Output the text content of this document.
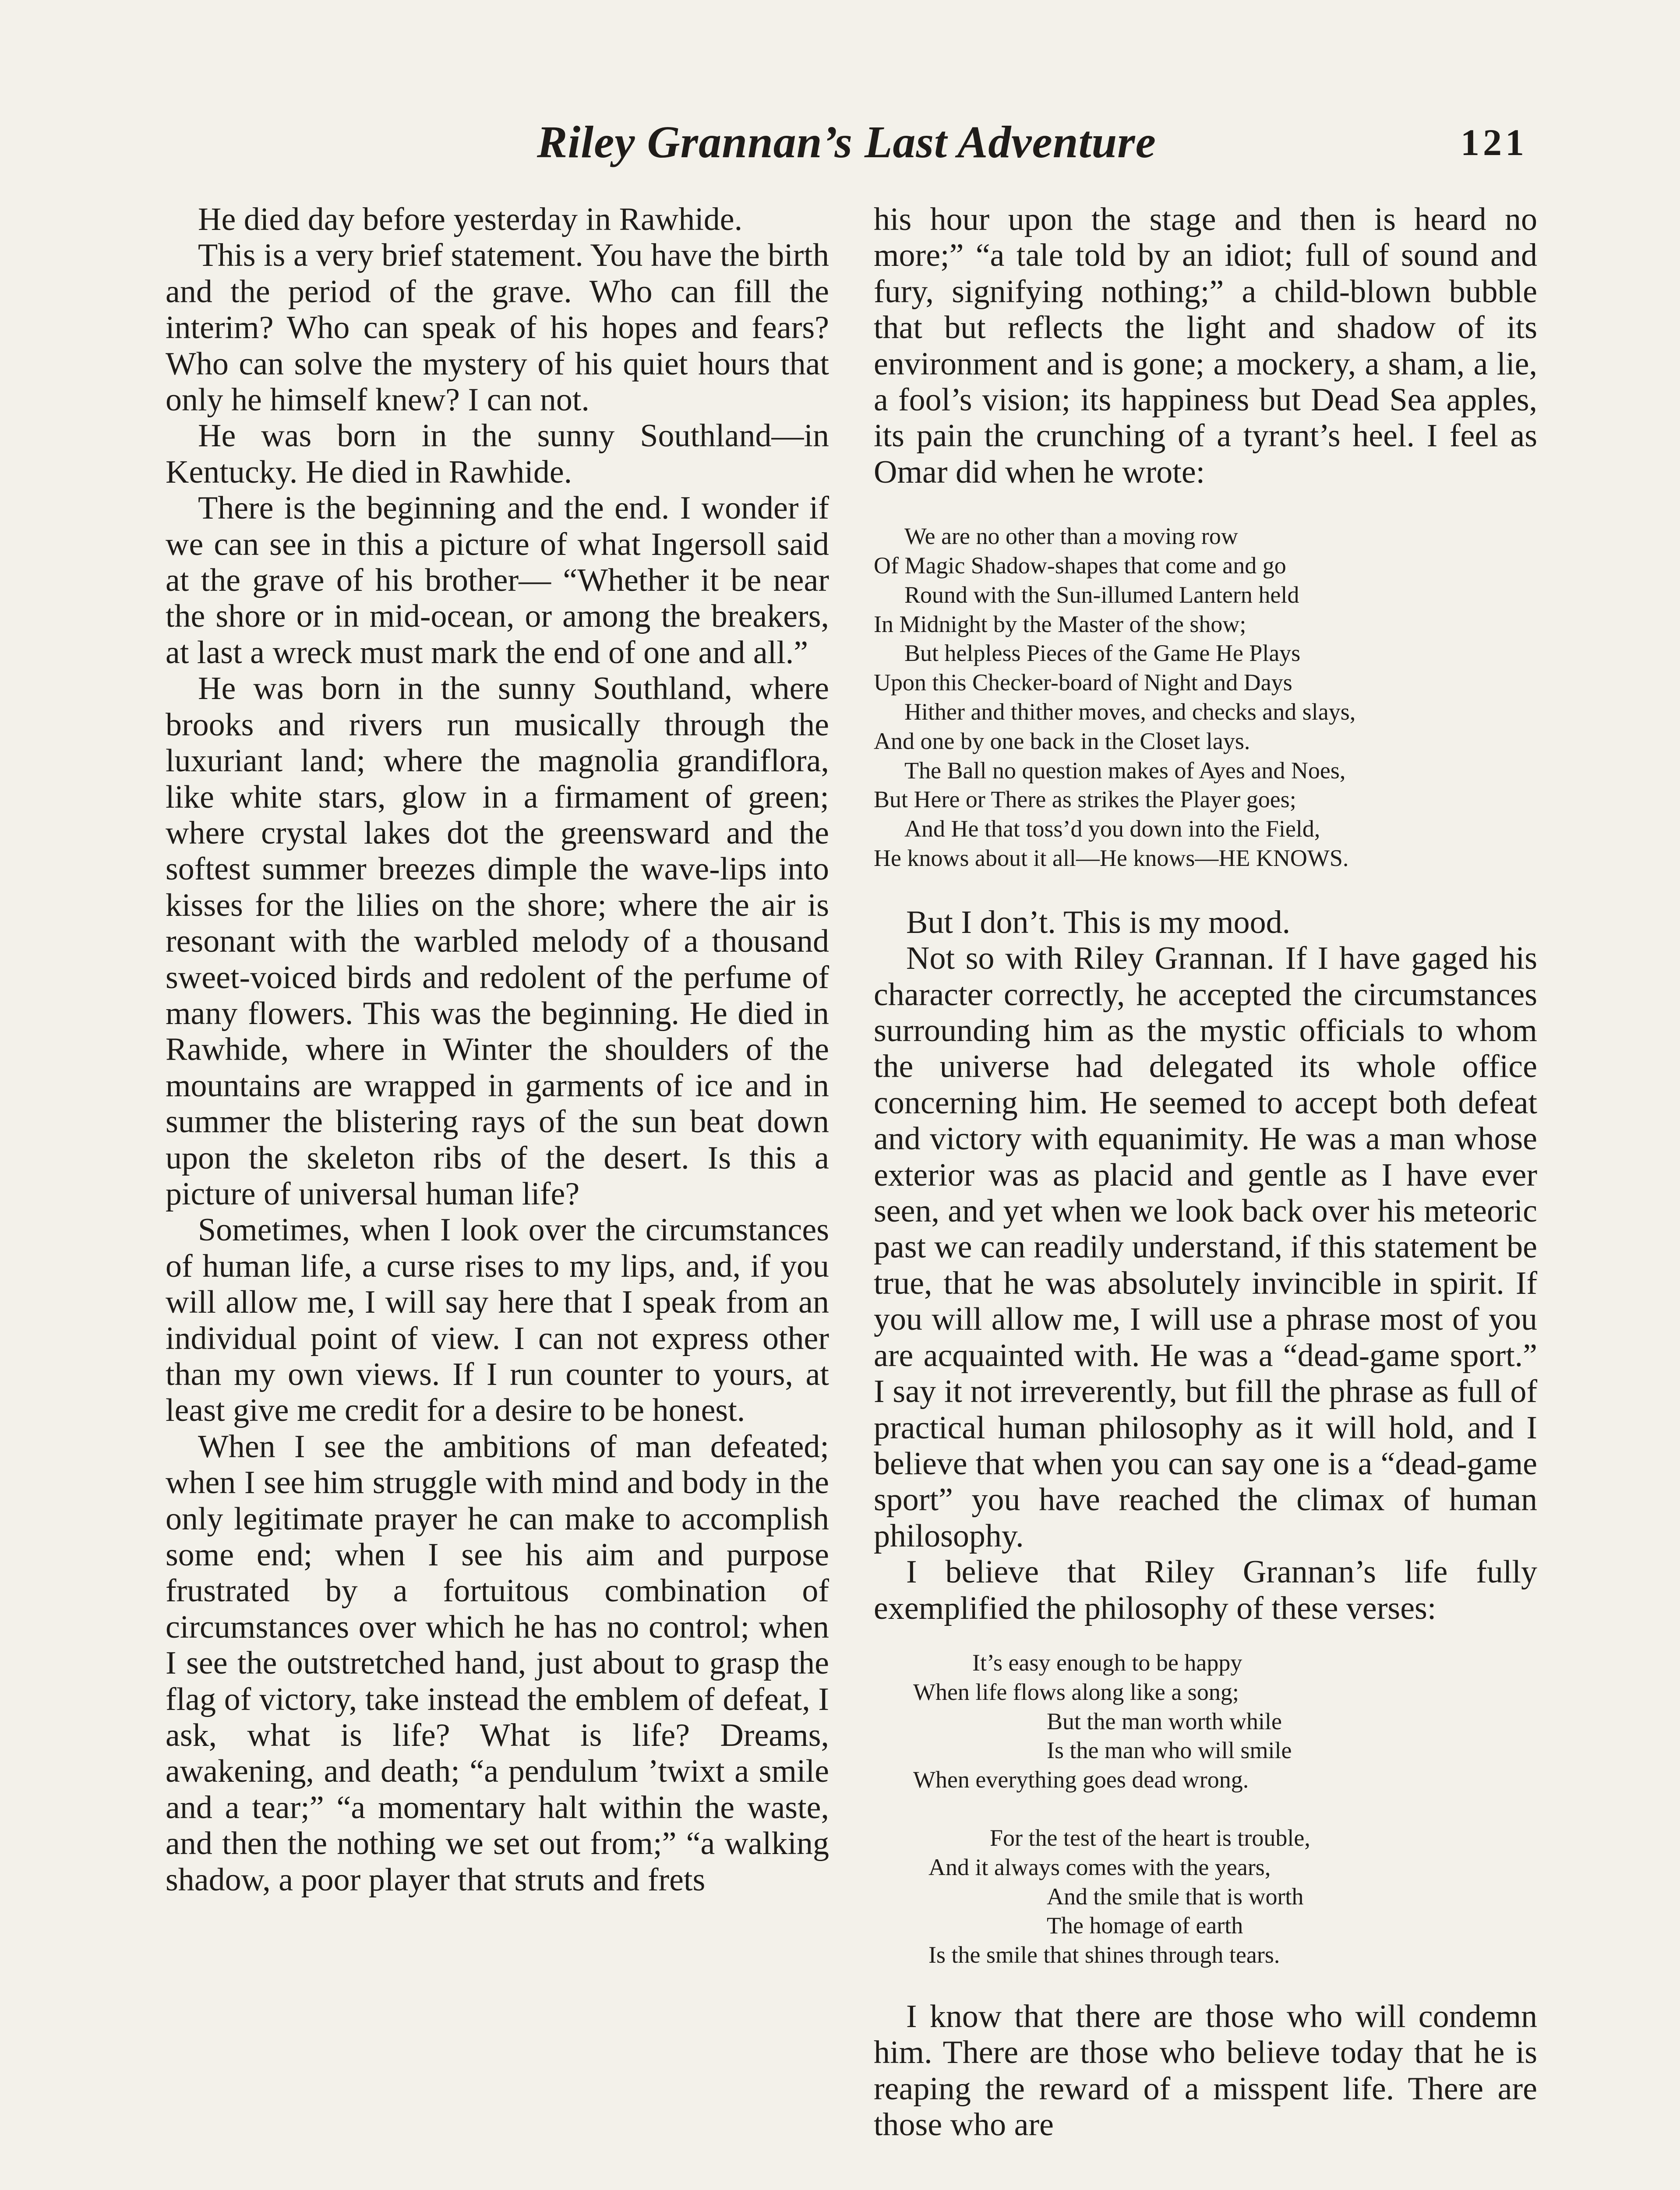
Riley Grannan’s Last Adventure	121

He died day before yesterday in Rawhide.

This is a very brief statement. You have the birth and the period of the grave. Who can fill the interim? Who can speak of his hopes and fears? Who can solve the mystery of his quiet hours that only he himself knew? I can not.

He was born in the sunny Southland—in Kentucky. He died in Rawhide.

There is the beginning and the end. I wonder if we can see in this a picture of what Ingersoll said at the grave of his brother— “Whether it be near the shore or in mid-ocean, or among the breakers, at last a wreck must mark the end of one and all.”

He was born in the sunny Southland, where brooks and rivers run musically through the luxuriant land; where the magnolia grandiflora, like white stars, glow in a firmament of green; where crystal lakes dot the greensward and the softest summer breezes dimple the wave-lips into kisses for the lilies on the shore; where the air is resonant with the warbled melody of a thousand sweet-voiced birds and redolent of the perfume of many flowers. This was the beginning. He died in Rawhide, where in Winter the shoulders of the mountains are wrapped in garments of ice and in summer the blistering rays of the sun beat down upon the skeleton ribs of the desert. Is this a picture of universal human life?

Sometimes, when I look over the circumstances of human life, a curse rises to my lips, and, if you will allow me, I will say here that I speak from an individual point of view. I can not express other than my own views. If I run counter to yours, at least give me credit for a desire to be honest.

When I see the ambitions of man defeated; when I see him struggle with mind and body in the only legitimate prayer he can make to accomplish some end; when I see his aim and purpose frustrated by a fortuitous combination of circumstances over which he has no control; when I see the outstretched hand, just about to grasp the flag of victory, take instead the emblem of defeat, I ask, what is life? What is life? Dreams, awakening, and death; “a pendulum ’twixt a smile and a tear;” “a momentary halt within the waste, and then the nothing we set out from;” “a walking shadow, a poor player that struts and frets

his hour upon the stage and then is heard no more;” “a tale told by an idiot; full of sound and fury, signifying nothing;” a child-blown bubble that but reflects the light and shadow of its environment and is gone; a mockery, a sham, a lie, a fool’s vision; its happiness but Dead Sea apples, its pain the crunching of a tyrant’s heel. I feel as Omar did when he wrote:

We are no other than a moving row
Of Magic Shadow-shapes that come and go
Round with the Sun-illumed Lantern held
In Midnight by the Master of the show;
But helpless Pieces of the Game He Plays
Upon this Checker-board of Night and Days
Hither and thither moves, and checks and slays,
And one by one back in the Closet lays.
The Ball no question makes of Ayes and Noes,
But Here or There as strikes the Player goes;
And He that toss’d you down into the Field,
He knows about it all—He knows—HE KNOWS.

But I don’t. This is my mood.

Not so with Riley Grannan. If I have gaged his character correctly, he accepted the circumstances surrounding him as the mystic officials to whom the universe had delegated its whole office concerning him. He seemed to accept both defeat and victory with equanimity. He was a man whose exterior was as placid and gentle as I have ever seen, and yet when we look back over his meteoric past we can readily understand, if this statement be true, that he was absolutely invincible in spirit. If you will allow me, I will use a phrase most of you are acquainted with. He was a “dead-game sport.” I say it not irreverently, but fill the phrase as full of practical human philosophy as it will hold, and I believe that when you can say one is a “dead-game sport” you have reached the climax of human philosophy.

I believe that Riley Grannan’s life fully exemplified the philosophy of these verses:

It’s easy enough to be happy
When life flows along like a song;
But the man worth while
Is the man who will smile
When everything goes dead wrong.
For the test of the heart is trouble,
And it always comes with the years,
And the smile that is worth
The homage of earth
Is the smile that shines through tears.

I know that there are those who will condemn him. There are those who believe today that he is reaping the reward of a misspent life. There are those who are
